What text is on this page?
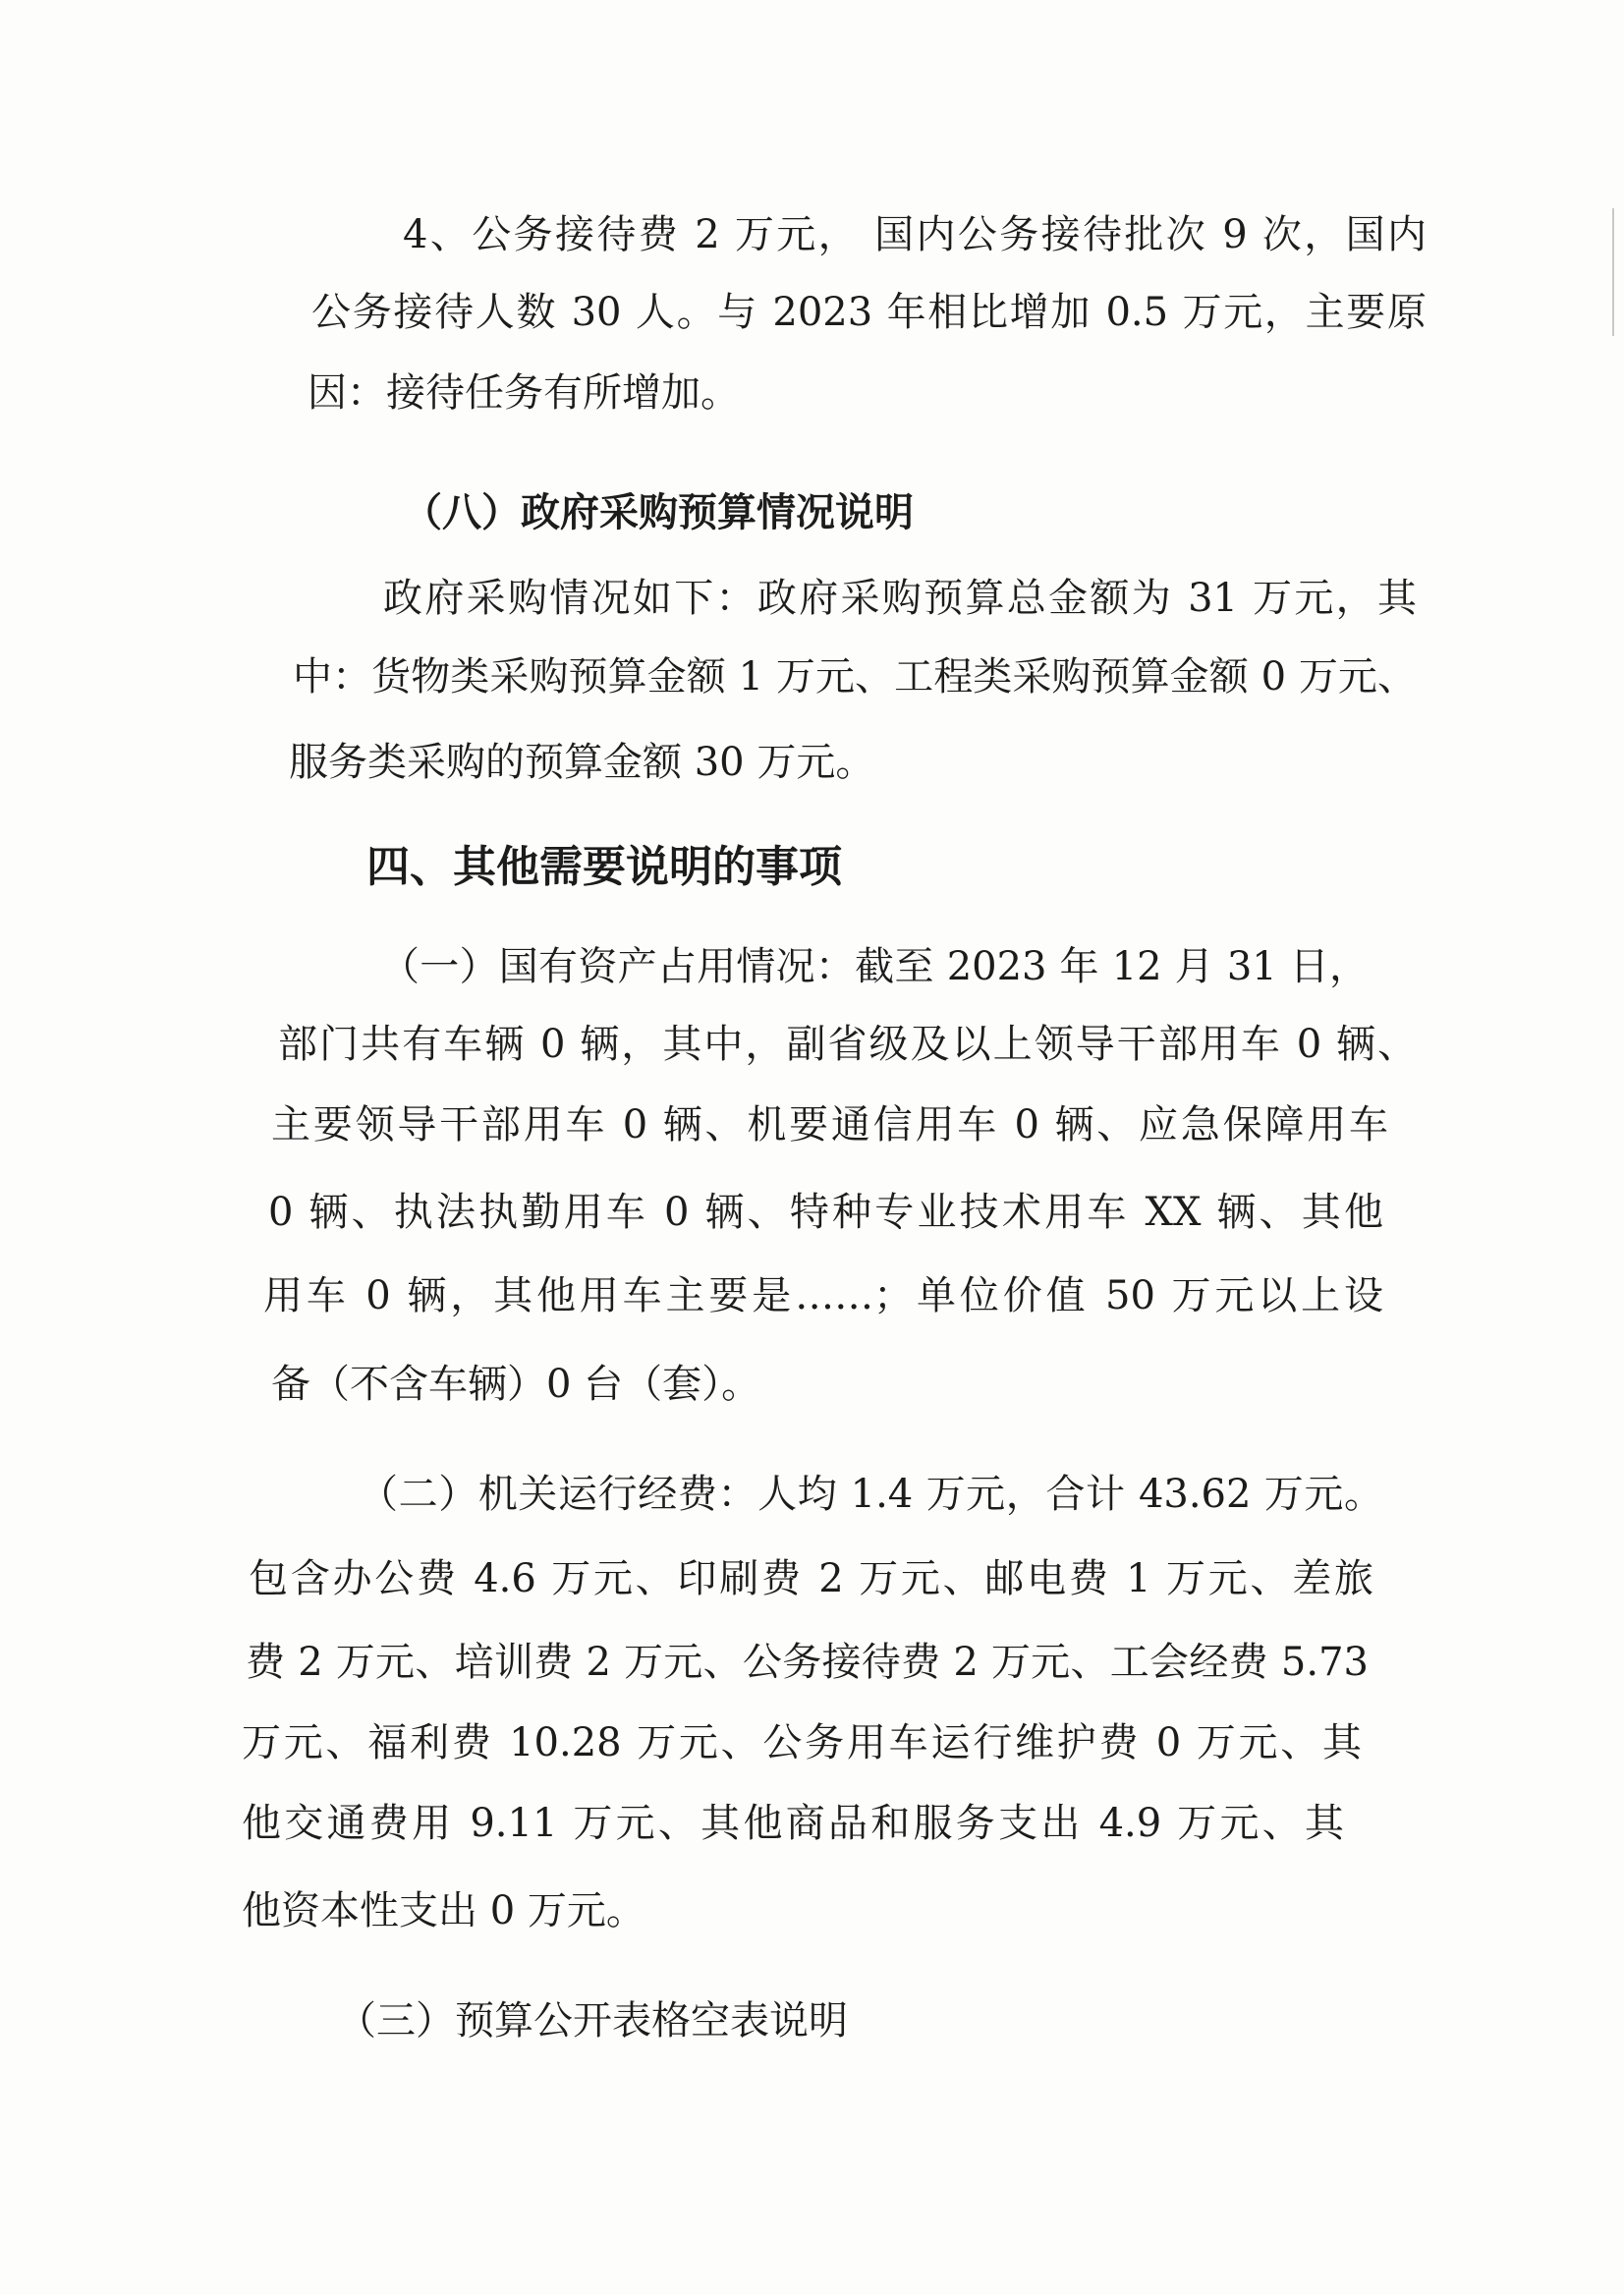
4、公务接待费 2 万元， 国内公务接待批次 9 次，国内
公务接待人数 30 人。与 2023 年相比增加 0.5 万元，主要原
因：接待任务有所增加。
（八）政府采购预算情况说明
政府采购情况如下：政府采购预算总金额为 31 万元，其
中：货物类采购预算金额 1 万元、工程类采购预算金额 0 万元、
服务类采购的预算金额 30 万元。
四、其他需要说明的事项
（一）国有资产占用情况：截至 2023 年 12 月 31 日，
部门共有车辆 0 辆，其中，副省级及以上领导干部用车 0 辆、
主要领导干部用车 0 辆、机要通信用车 0 辆、应急保障用车
0 辆、执法执勤用车 0 辆、特种专业技术用车 XX 辆、其他
用车 0 辆，其他用车主要是……；单位价值 50 万元以上设
备（不含车辆）0 台（套）。
（二）机关运行经费：人均 1.4 万元，合计 43.62 万元。
包含办公费 4.6 万元、印刷费 2 万元、邮电费 1 万元、差旅
费 2 万元、培训费 2 万元、公务接待费 2 万元、工会经费 5.73
万元、福利费 10.28 万元、公务用车运行维护费 0 万元、其
他交通费用 9.11 万元、其他商品和服务支出 4.9 万元、其
他资本性支出 0 万元。
（三）预算公开表格空表说明
